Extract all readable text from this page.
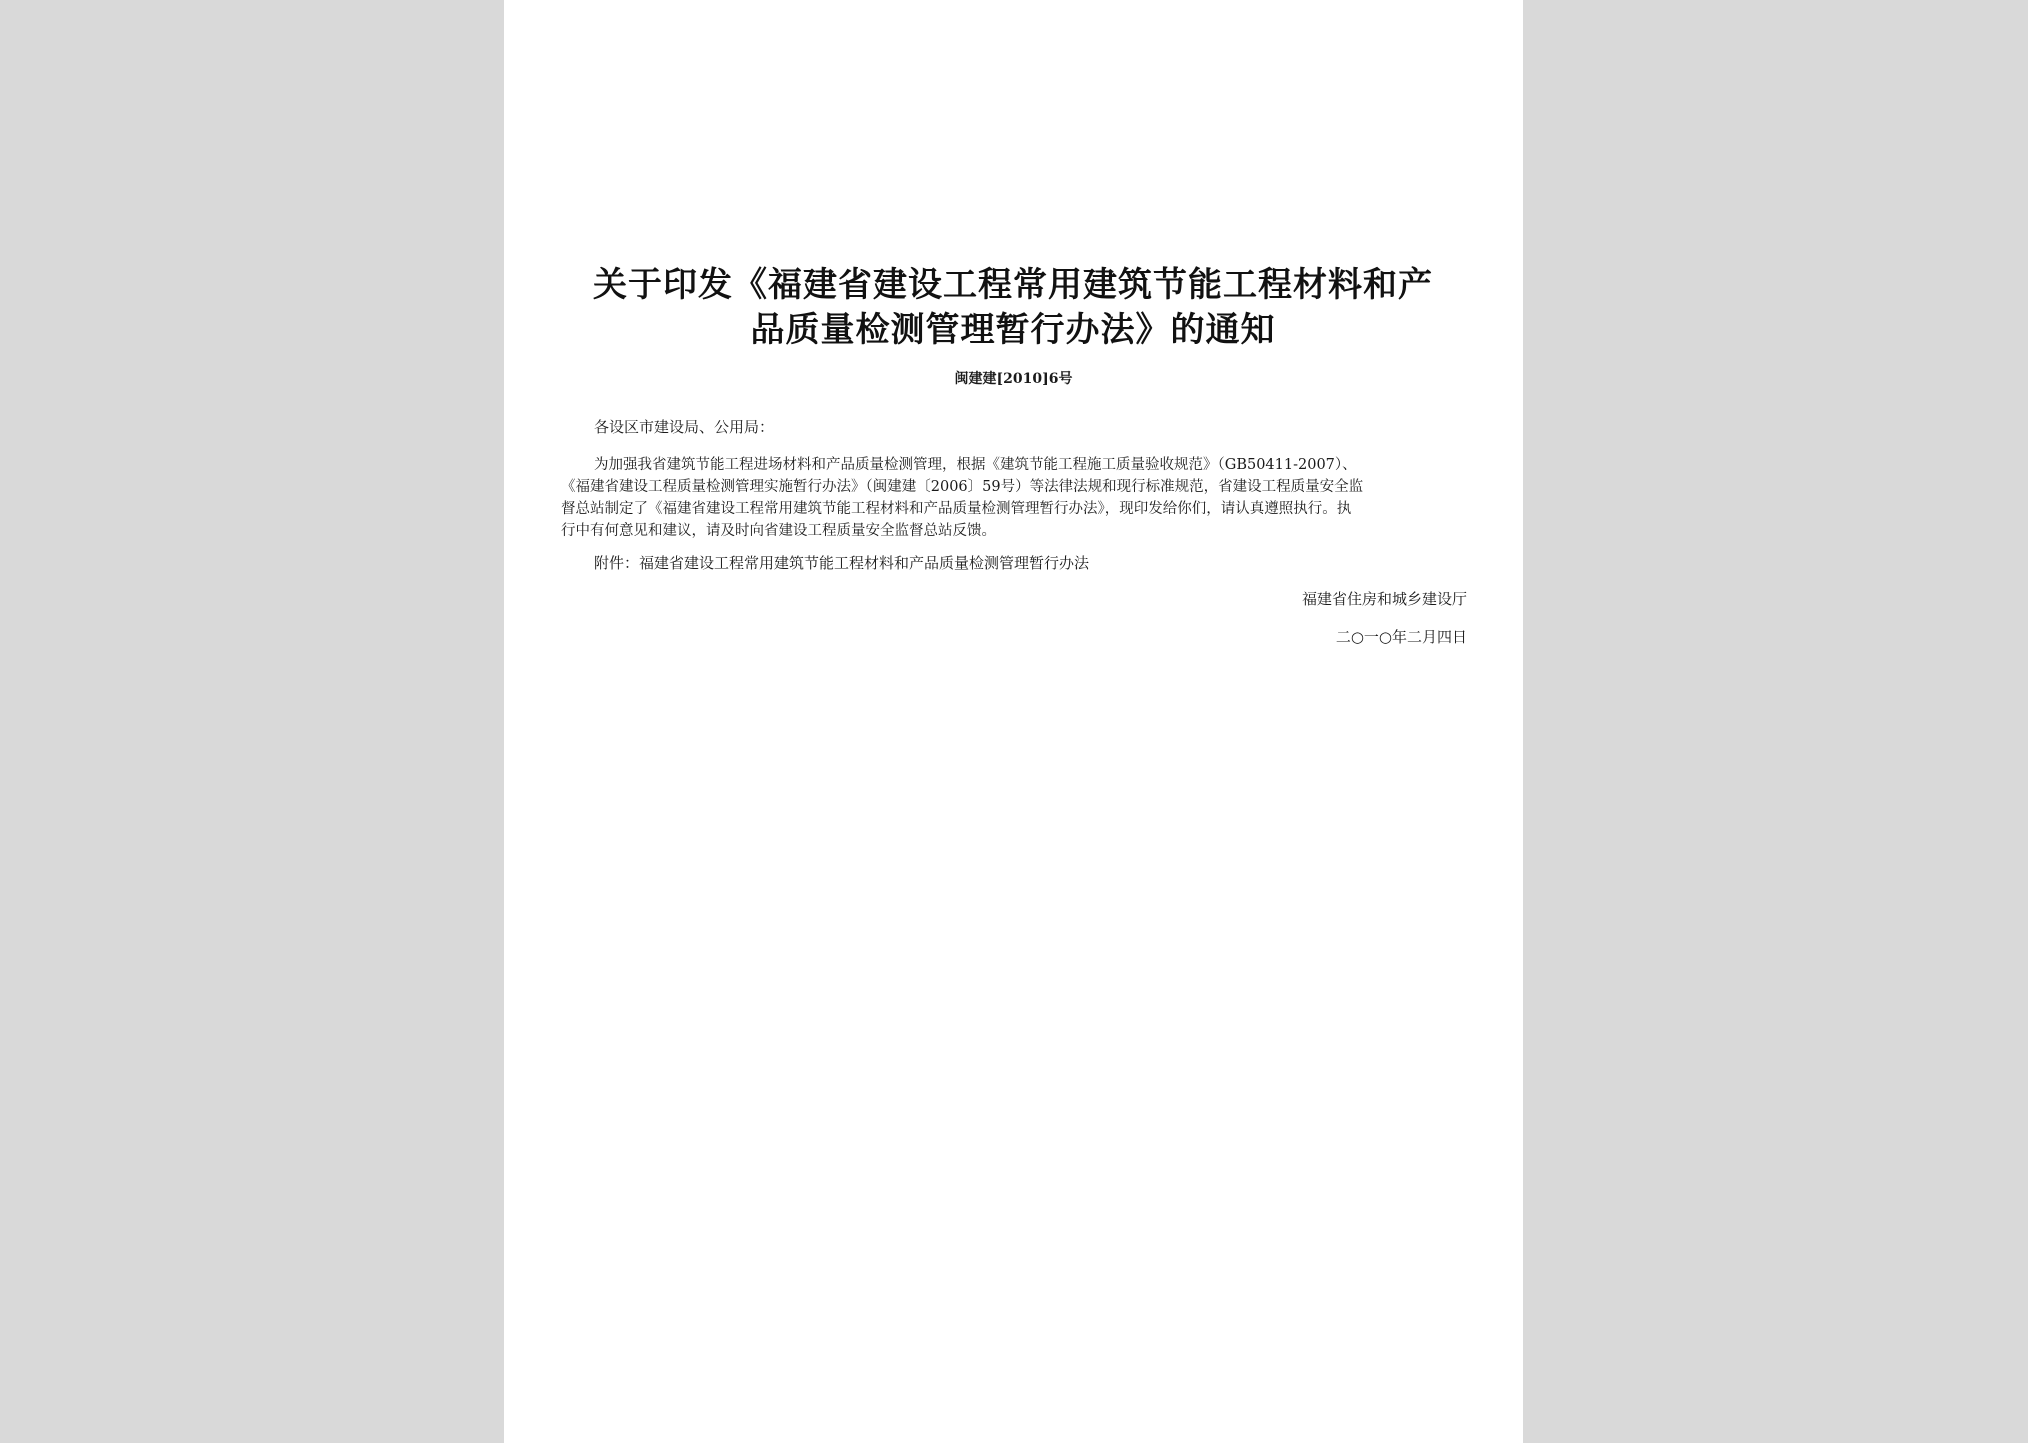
关于印发《福建省建设工程常用建筑节能工程材料和产
品质量检测管理暂行办法》的通知
闽建建[2010]6号
各设区市建设局、公用局：
为加强我省建筑节能工程进场材料和产品质量检测管理，根据《建筑节能工程施工质量验收规范》（GB50411-2007）、
《福建省建设工程质量检测管理实施暂行办法》（闽建建〔2006〕59号）等法律法规和现行标准规范，省建设工程质量安全监
督总站制定了《福建省建设工程常用建筑节能工程材料和产品质量检测管理暂行办法》，现印发给你们，请认真遵照执行。执
行中有何意见和建议，请及时向省建设工程质量安全监督总站反馈。
附件：福建省建设工程常用建筑节能工程材料和产品质量检测管理暂行办法
福建省住房和城乡建设厅
二○一○年二月四日
